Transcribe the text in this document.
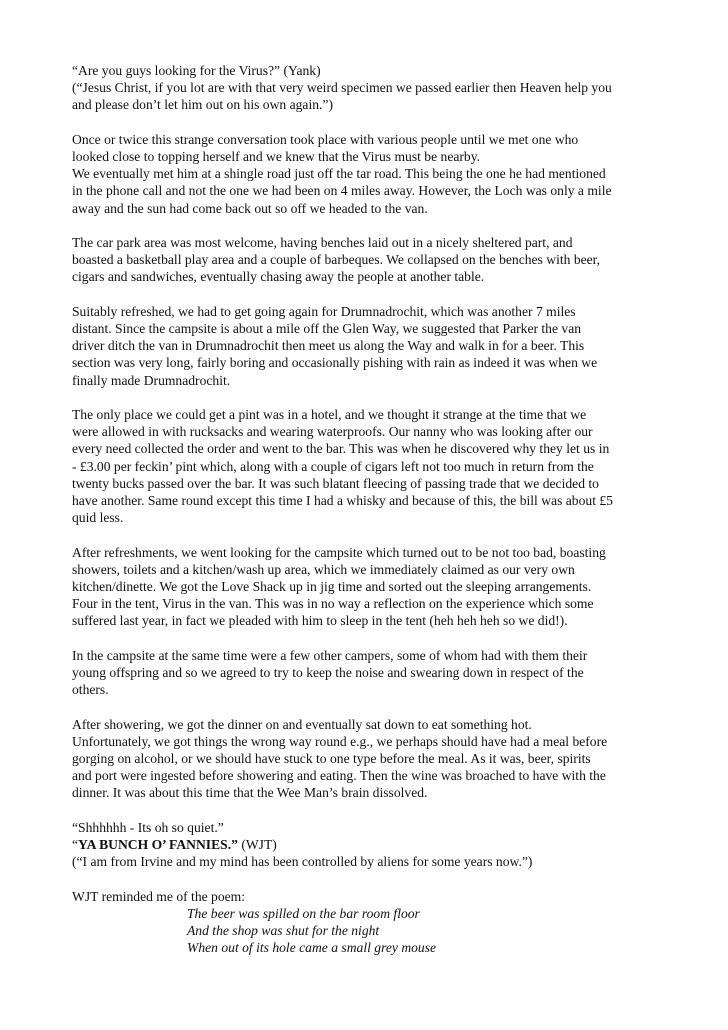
“Are you guys looking for the Virus?” (Yank)
(“Jesus Christ, if you lot are with that very weird specimen we passed earlier then Heaven help you
and please don’t let him out on his own again.”)
Once or twice this strange conversation took place with various people until we met one who
looked close to topping herself and we knew that the Virus must be nearby.
We eventually met him at a shingle road just off the tar road. This being the one he had mentioned
in the phone call and not the one we had been on 4 miles away. However, the Loch was only a mile
away and the sun had come back out so off we headed to the van.
The car park area was most welcome, having benches laid out in a nicely sheltered part, and
boasted a basketball play area and a couple of barbeques. We collapsed on the benches with beer,
cigars and sandwiches, eventually chasing away the people at another table.
Suitably refreshed, we had to get going again for Drumnadrochit, which was another 7 miles
distant. Since the campsite is about a mile off the Glen Way, we suggested that Parker the van
driver ditch the van in Drumnadrochit then meet us along the Way and walk in for a beer. This
section was very long, fairly boring and occasionally pishing with rain as indeed it was when we
finally made Drumnadrochit.
The only place we could get a pint was in a hotel, and we thought it strange at the time that we
were allowed in with rucksacks and wearing waterproofs. Our nanny who was looking after our
every need collected the order and went to the bar. This was when he discovered why they let us in
- £3.00 per feckin’ pint which, along with a couple of cigars left not too much in return from the
twenty bucks passed over the bar. It was such blatant fleecing of passing trade that we decided to
have another. Same round except this time I had a whisky and because of this, the bill was about £5
quid less.
After refreshments, we went looking for the campsite which turned out to be not too bad, boasting
showers, toilets and a kitchen/wash up area, which we immediately claimed as our very own
kitchen/dinette. We got the Love Shack up in jig time and sorted out the sleeping arrangements.
Four in the tent, Virus in the van. This was in no way a reflection on the experience which some
suffered last year, in fact we pleaded with him to sleep in the tent (heh heh heh so we did!).
In the campsite at the same time were a few other campers, some of whom had with them their
young offspring and so we agreed to try to keep the noise and swearing down in respect of the
others.
After showering, we got the dinner on and eventually sat down to eat something hot.
Unfortunately, we got things the wrong way round e.g., we perhaps should have had a meal before
gorging on alcohol, or we should have stuck to one type before the meal. As it was, beer, spirits
and port were ingested before showering and eating. Then the wine was broached to have with the
dinner. It was about this time that the Wee Man’s brain dissolved.
“Shhhhhh - Its oh so quiet.”
“YA BUNCH O’ FANNIES.” (WJT)
(“I am from Irvine and my mind has been controlled by aliens for some years now.”)
WJT reminded me of the poem:
The beer was spilled on the bar room floor
And the shop was shut for the night
When out of its hole came a small grey mouse
